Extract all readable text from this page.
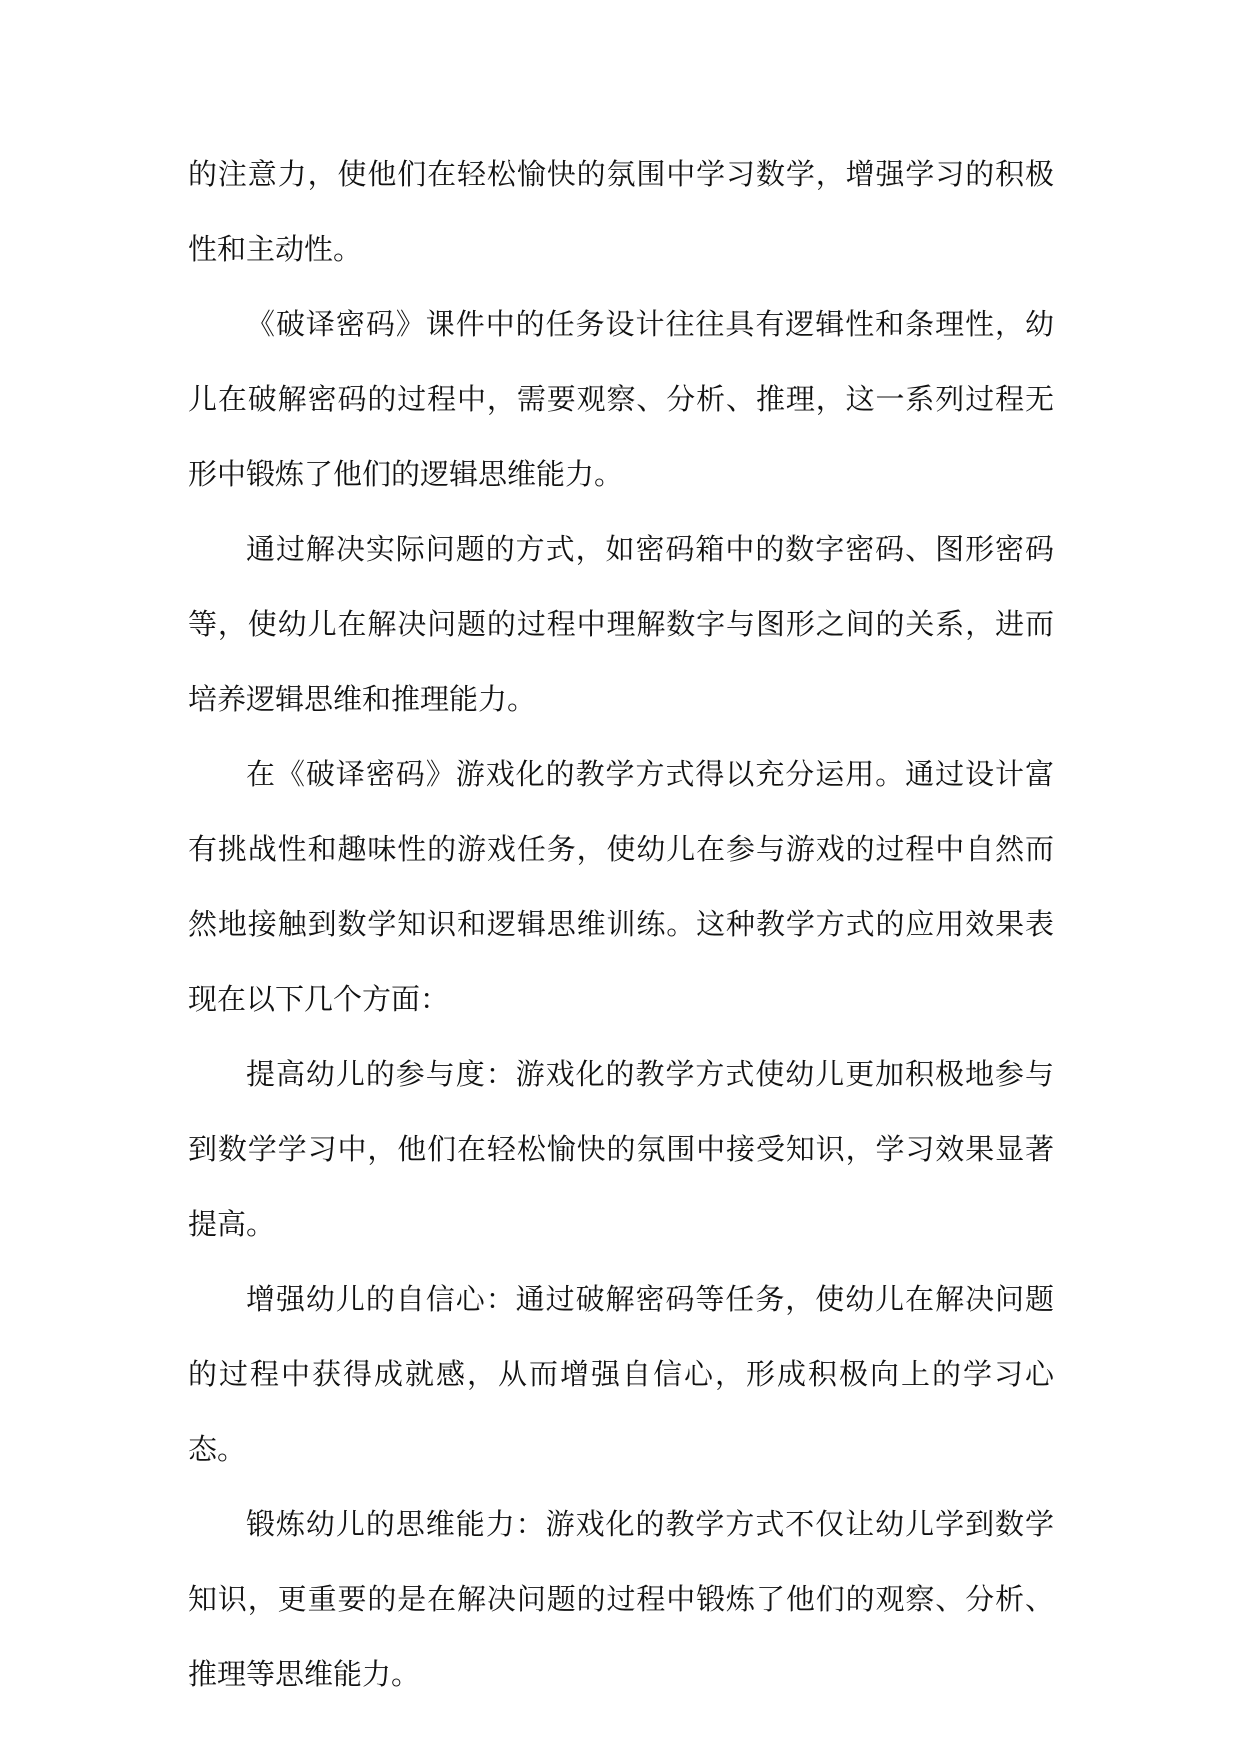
的注意力，使他们在轻松愉快的氛围中学习数学，增强学习的积极性和主动性。

《破译密码》课件中的任务设计往往具有逻辑性和条理性，幼儿在破解密码的过程中，需要观察、分析、推理，这一系列过程无形中锻炼了他们的逻辑思维能力。

通过解决实际问题的方式，如密码箱中的数字密码、图形密码等，使幼儿在解决问题的过程中理解数字与图形之间的关系，进而培养逻辑思维和推理能力。

在《破译密码》游戏化的教学方式得以充分运用。通过设计富有挑战性和趣味性的游戏任务，使幼儿在参与游戏的过程中自然而然地接触到数学知识和逻辑思维训练。这种教学方式的应用效果表现在以下几个方面：

提高幼儿的参与度：游戏化的教学方式使幼儿更加积极地参与到数学学习中，他们在轻松愉快的氛围中接受知识，学习效果显著提高。

增强幼儿的自信心：通过破解密码等任务，使幼儿在解决问题的过程中获得成就感，从而增强自信心，形成积极向上的学习心态。

锻炼幼儿的思维能力：游戏化的教学方式不仅让幼儿学到数学知识，更重要的是在解决问题的过程中锻炼了他们的观察、分析、推理等思维能力。
